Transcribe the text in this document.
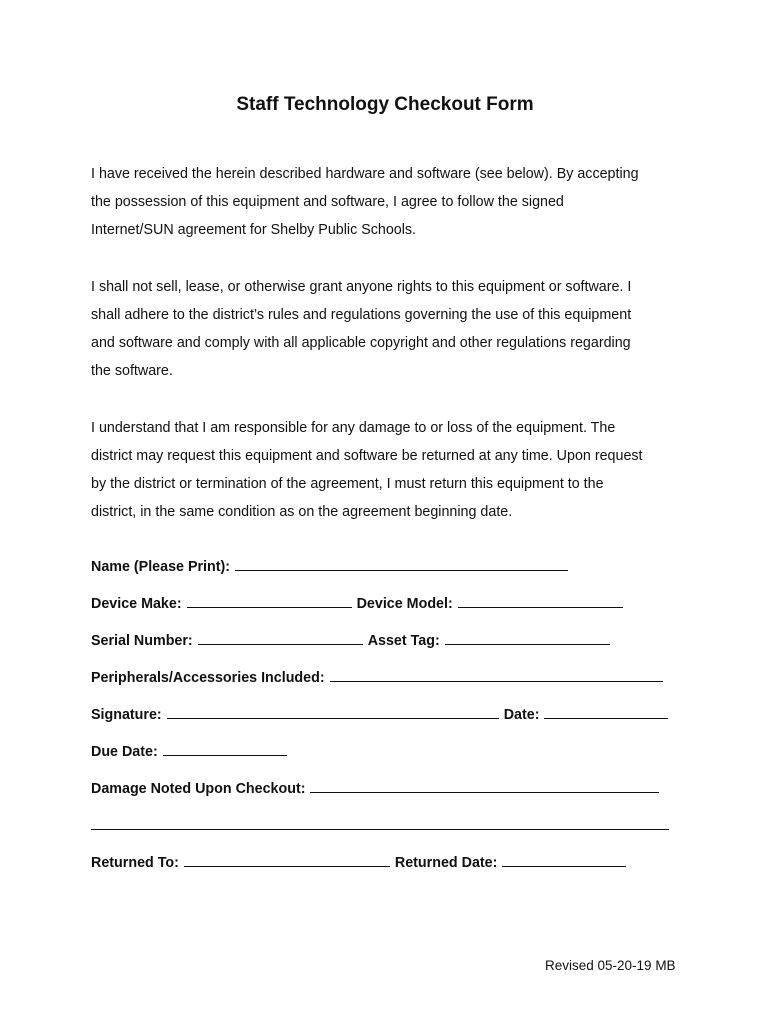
Staff Technology Checkout Form

I have received the herein described hardware and software (see below). By accepting
the possession of this equipment and software, I agree to follow the signed
Internet/SUN agreement for Shelby Public Schools.

I shall not sell, lease, or otherwise grant anyone rights to this equipment or software. I
shall adhere to the district’s rules and regulations governing the use of this equipment
and software and comply with all applicable copyright and other regulations regarding
the software.

I understand that I am responsible for any damage to or loss of the equipment. The
district may request this equipment and software be returned at any time. Upon request
by the district or termination of the agreement, I must return this equipment to the
district, in the same condition as on the agreement beginning date.

Name (Please Print):
Device Make:	Device Model:
Serial Number:	Asset Tag:
Peripherals/Accessories Included:
Signature:	Date:
Due Date:
Damage Noted Upon Checkout:
Returned To:	Returned Date:
Revised 05-20-19 MB
